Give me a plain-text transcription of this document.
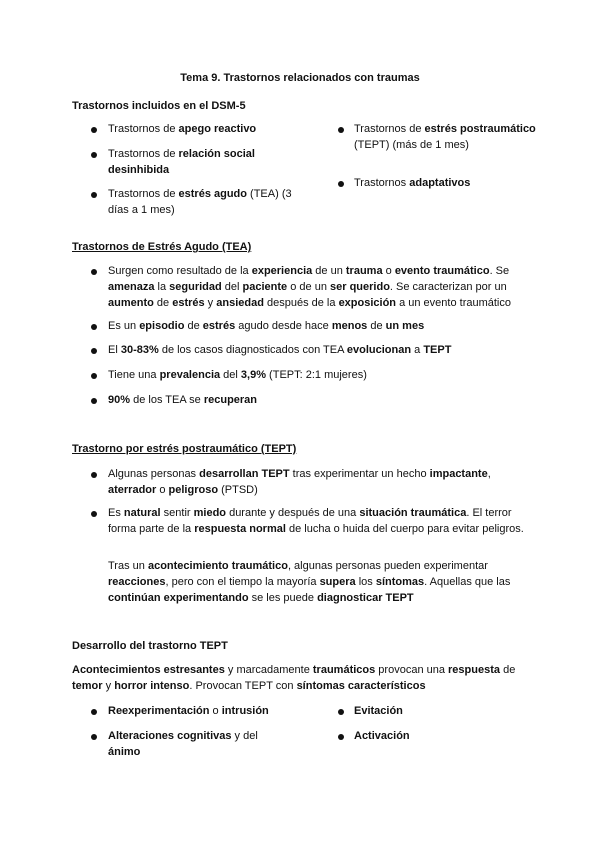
Tema 9. Trastornos relacionados con traumas
Trastornos incluidos en el DSM-5
Trastornos de apego reactivo
Trastornos de relación social desinhibida
Trastornos de estrés agudo (TEA) (3 días a 1 mes)
Trastornos de estrés postraumático (TEPT) (más de 1 mes)
Trastornos adaptativos
Trastornos de Estrés Agudo (TEA)
Surgen como resultado de la experiencia de un trauma o evento traumático. Se amenaza la seguridad del paciente o de un ser querido. Se caracterizan por un aumento de estrés y ansiedad después de la exposición a un evento traumático
Es un episodio de estrés agudo desde hace menos de un mes
El 30-83% de los casos diagnosticados con TEA evolucionan a TEPT
Tiene una prevalencia del 3,9% (TEPT: 2:1 mujeres)
90% de los TEA se recuperan
Trastorno por estrés postraumático (TEPT)
Algunas personas desarrollan TEPT tras experimentar un hecho impactante, aterrador o peligroso (PTSD)
Es natural sentir miedo durante y después de una situación traumática. El terror forma parte de la respuesta normal de lucha o huida del cuerpo para evitar peligros.
Tras un acontecimiento traumático, algunas personas pueden experimentar reacciones, pero con el tiempo la mayoría supera los síntomas. Aquellas que las continúan experimentando se les puede diagnosticar TEPT
Desarrollo del trastorno TEPT
Acontecimientos estresantes y marcadamente traumáticos provocan una respuesta de temor y horror intenso. Provocan TEPT con síntomas característicos
Reexperimentación o intrusión
Alteraciones cognitivas y del ánimo
Evitación
Activación
